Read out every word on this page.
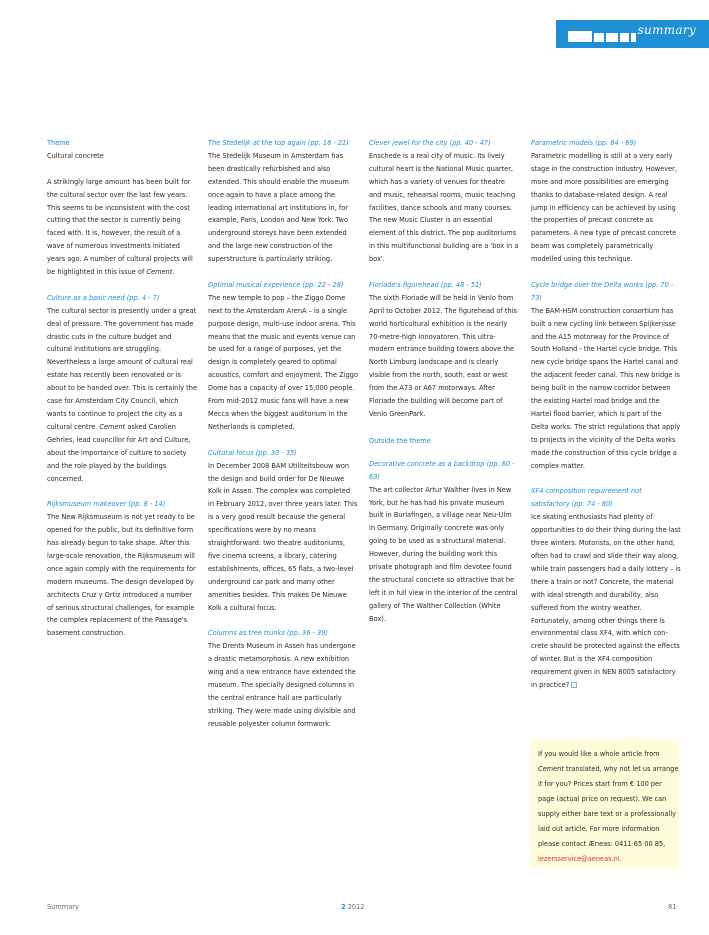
summary

Theme

Cultural concrete

A strikingly large amount has been built for the cultural sector over the last few years. This seems to be inconsistent with the cost cutting that the sector is currently being faced with. It is, however, the result of a wave of numerous investments initiated years ago. A number of cultural projects will be highlighted in this issue of Cement.

Culture as a basic need (pp. 4 - 7)

The cultural sector is presently under a great deal of pressure. The government has made drastic cuts in the culture budget and cultural institutions are struggling. Nevertheless a large amount of cultural real estate has recently been renovated or is about to be handed over. This is certainly the case for Amsterdam City Council, which wants to continue to project the city as a cultural centre. Cement asked Carolien Gehrles, lead councillor for Art and Culture, about the importance of culture to society and the role played by the buildings concerned.

Rijksmuseum makeover (pp. 8 - 14)

The New Rijksmuseum is not yet ready to be opened for the public, but its definitive form has already begun to take shape. After this large-scale renovation, the Rijksmuseum will once again comply with the requirements for modern museums. The design developed by architects Cruz y Ortiz introduced a number of serious structural challenges, for example the complex replacement of the Passage's basement construction.

The Stedelijk at the top again (pp. 16 - 21)

The Stedelijk Museum in Amsterdam has been drastically refurbished and also extended. This should enable the museum once again to have a place among the leading international art institutions in, for example, Paris, London and New York. Two underground storeys have been extended and the large new construction of the superstructure is particularly striking.

Optimal musical experience (pp. 22 - 28)

The new temple to pop – the Ziggo Dome next to the Amsterdam ArenA – is a single purpose design, multi-use indoor arena. This means that the music and events venue can be used for a range of purposes, yet the design is completely geared to optimal acoustics, comfort and enjoyment. The Ziggo Dome has a capacity of over 15,000 people. From mid-2012 music fans will have a new Mecca when the biggest auditorium in the Netherlands is completed.

Cultural focus (pp. 30 - 35)

In December 2008 BAM Utiliteitsbouw won the design and build order for De Nieuwe Kolk in Assen. The complex was completed in February 2012, over three years later. This is a very good result because the general specifications were by no means straightforward: two theatre auditoriums, five cinema screens, a library, catering establishments, offices, 65 flats, a two-level underground car park and many other amenities besides. This makes De Nieuwe Kolk a cultural focus.

Columns as tree trunks (pp. 36 - 39)

The Drents Museum in Assen has undergone a drastic metamorphosis. A new exhibition wing and a new entrance have extended the museum. The specially designed columns in the central entrance hall are particularly striking. They were made using divisible and reusable polyester column formwork.

Clever jewel for the city (pp. 40 - 47)

Enschede is a real city of music. Its lively cultural heart is the National Music quarter, which has a variety of venues for theatre and music, rehearsal rooms, music teaching facilities, dance schools and many courses. The new Music Cluster is an essential element of this district. The pop auditoriums in this multifunctional building are a 'box in a box'.

Floriade's figurehead (pp. 48 - 51)

The sixth Floriade will be held in Venlo from April to October 2012. The figurehead of this world horticultural exhibition is the nearly 70-metre-high Innovatoren. This ultra-modern entrance building towers above the North Limburg landscape and is clearly visible from the north, south, east or west from the A73 or A67 motorways. After Floriade the building will become part of Venlo GreenPark.

Outside the theme

Decorative concrete as a backdrop (pp. 60 - 63)

The art collector Artur Walther lives in New York, but he has had his private museum built in Burlafingen, a village near Neu-Ulm in Germany. Originally concrete was only going to be used as a structural material. However, during the building work this private photograph and film devotee found the structural concrete so attractive that he left it in full view in the interior of the central gallery of The Walther Collection (White Box).

Parametric models (pp. 64 - 69)

Parametric modelling is still at a very early stage in the construction industry. However, more and more possibilities are emerging thanks to database-related design. A real jump in efficiency can be achieved by using the properties of precast concrete as parameters. A new type of precast concrete beam was completely parametrically modelled using this technique.

Cycle bridge over the Delta works (pp. 70 - 73)

The BAM-HSM construction consortium has built a new cycling link between Spijkenisse and the A15 motorway for the Province of South Holland - the Hartel cycle bridge. This new cycle bridge spans the Hartel canal and the adjacent feeder canal. This new bridge is being built in the narrow corridor between the existing Hartel road bridge and the Hartel flood barrier, which is part of the Delta works. The strict regulations that apply to projects in the vicinity of the Delta works made the construction of this cycle bridge a complex matter.

XF4 composition requirement not satisfactory (pp. 74 - 80)

Ice skating enthusiasts had plenty of opportunities to do their thing during the last three winters. Motorists, on the other hand, often had to crawl and slide their way along, while train passengers had a daily lottery – is there a train or not? Concrete, the material with ideal strength and durability, also suffered from the wintry weather. Fortunately, among other things there is environmental class XF4, with which con-crete should be protected against the effects of winter. But is the XF4 composition requirement given in NEN 8005 satisfactory in practice?

If you would like a whole article from Cement translated, why not let us arrange it for you? Prices start from € 100 per page (actual price on request). We can supply either bare text or a professionally laid out article. For more information please contact Æneas: 0411 65 00 85, lezersservice@aeneas.nl.

Summary	2 2012	81
